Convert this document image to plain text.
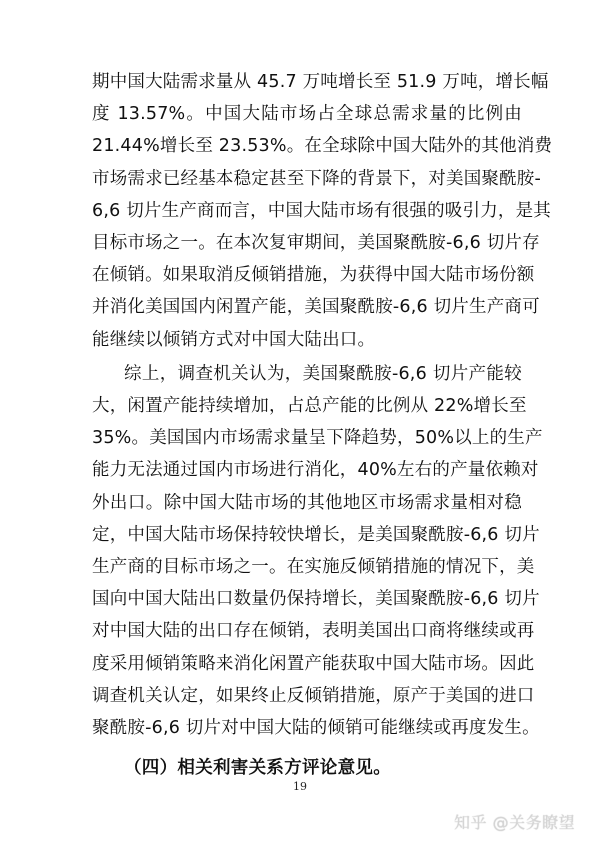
期中国大陆需求量从 45.7 万吨增长至 51.9 万吨，增长幅
度 13.57%。中国大陆市场占全球总需求量的比例由
21.44%增长至 23.53%。在全球除中国大陆外的其他消费
市场需求已经基本稳定甚至下降的背景下，对美国聚酰胺-
6,6 切片生产商而言，中国大陆市场有很强的吸引力，是其
目标市场之一。在本次复审期间，美国聚酰胺-6,6 切片存
在倾销。如果取消反倾销措施，为获得中国大陆市场份额
并消化美国国内闲置产能，美国聚酰胺-6,6 切片生产商可
能继续以倾销方式对中国大陆出口。
综上，调查机关认为，美国聚酰胺-6,6 切片产能较
大，闲置产能持续增加，占总产能的比例从 22%增长至
35%。美国国内市场需求量呈下降趋势，50%以上的生产
能力无法通过国内市场进行消化，40%左右的产量依赖对
外出口。除中国大陆市场的其他地区市场需求量相对稳
定，中国大陆市场保持较快增长，是美国聚酰胺-6,6 切片
生产商的目标市场之一。在实施反倾销措施的情况下，美
国向中国大陆出口数量仍保持增长，美国聚酰胺-6,6 切片
对中国大陆的出口存在倾销，表明美国出口商将继续或再
度采用倾销策略来消化闲置产能获取中国大陆市场。因此
调查机关认定，如果终止反倾销措施，原产于美国的进口
聚酰胺-6,6 切片对中国大陆的倾销可能继续或再度发生。
（四）相关利害关系方评论意见。
19
知乎 @关务瞭望
